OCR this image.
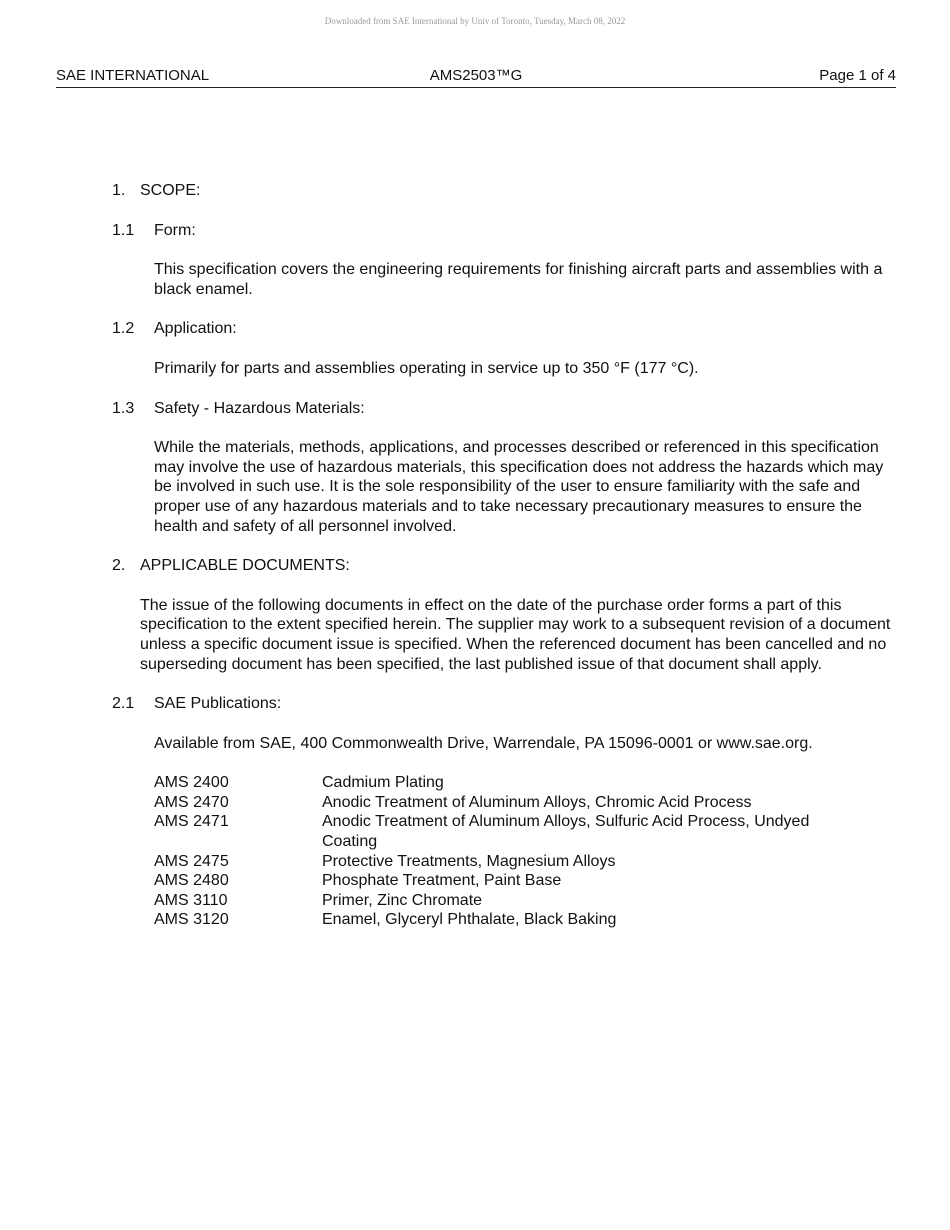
Downloaded from SAE International by Univ of Toronto, Tuesday, March 08, 2022
SAE INTERNATIONAL	AMS2503™G	Page 1 of 4
1. SCOPE:
1.1	Form:
This specification covers the engineering requirements for finishing aircraft parts and assemblies with a black enamel.
1.2	Application:
Primarily for parts and assemblies operating in service up to 350 °F (177 °C).
1.3	Safety - Hazardous Materials:
While the materials, methods, applications, and processes described or referenced in this specification may involve the use of hazardous materials, this specification does not address the hazards which may be involved in such use. It is the sole responsibility of the user to ensure familiarity with the safe and proper use of any hazardous materials and to take necessary precautionary measures to ensure the health and safety of all personnel involved.
2. APPLICABLE DOCUMENTS:
The issue of the following documents in effect on the date of the purchase order forms a part of this specification to the extent specified herein. The supplier may work to a subsequent revision of a document unless a specific document issue is specified. When the referenced document has been cancelled and no superseding document has been specified, the last published issue of that document shall apply.
2.1	SAE Publications:
Available from SAE, 400 Commonwealth Drive, Warrendale, PA 15096-0001 or www.sae.org.
AMS 2400	Cadmium Plating
AMS 2470	Anodic Treatment of Aluminum Alloys, Chromic Acid Process
AMS 2471	Anodic Treatment of Aluminum Alloys, Sulfuric Acid Process, Undyed Coating
AMS 2475	Protective Treatments, Magnesium Alloys
AMS 2480	Phosphate Treatment, Paint Base
AMS 3110	Primer, Zinc Chromate
AMS 3120	Enamel, Glyceryl Phthalate, Black Baking
